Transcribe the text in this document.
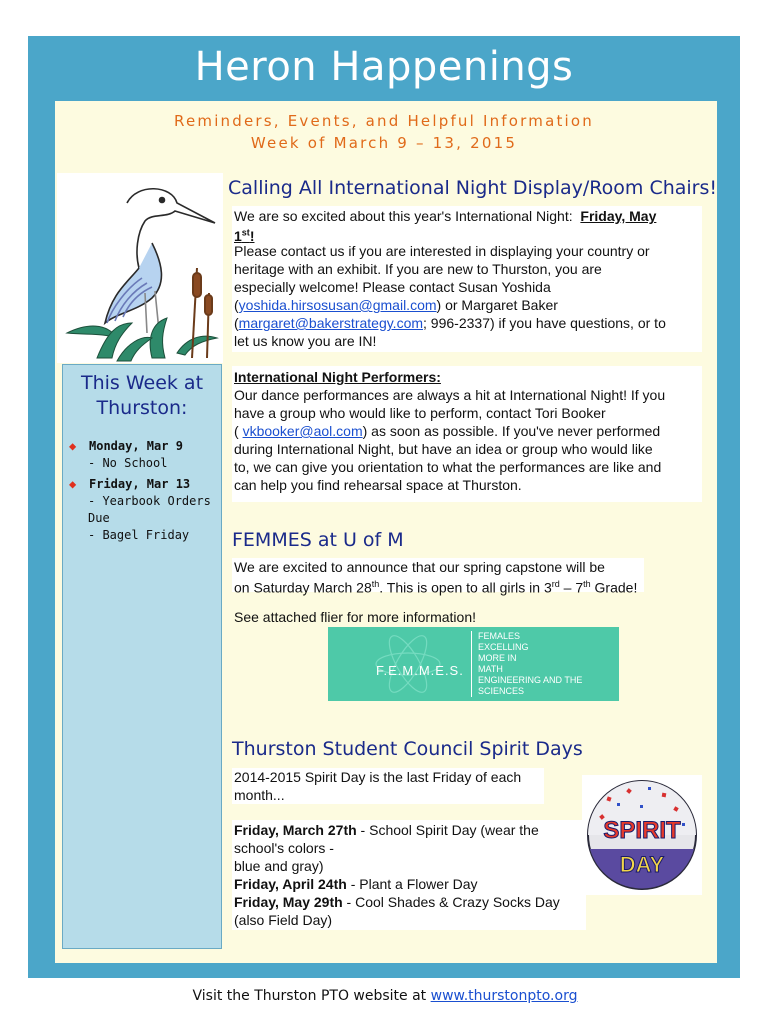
Heron Happenings
Reminders, Events, and Helpful Information
Week of March 9 – 13, 2015
This Week at
Thurston:
◆ Monday, Mar 9
- No School
◆ Friday, Mar 13
- Yearbook Orders
Due
- Bagel Friday
Calling All International Night Display/Room Chairs!
We are so excited about this year's International Night: Friday, May
1st!
Please contact us if you are interested in displaying your country or
heritage with an exhibit. If you are new to Thurston, you are
especially welcome! Please contact Susan Yoshida
(yoshida.hirsosusan@gmail.com) or Margaret Baker
(margaret@bakerstrategy.com; 996-2337) if you have questions, or to
let us know you are IN!
International Night Performers:
Our dance performances are always a hit at International Night! If you
have a group who would like to perform, contact Tori Booker
( vkbooker@aol.com) as soon as possible. If you've never performed
during International Night, but have an idea or group who would like
to, we can give you orientation to what the performances are like and
can help you find rehearsal space at Thurston.
FEMMES at U of M
We are excited to announce that our spring capstone will be
on Saturday March 28th. This is open to all girls in 3rd – 7th Grade!
See attached flier for more information!
F.E.M.M.E.S.
FEMALES
EXCELLING
MORE IN
MATH
ENGINEERING AND THE
SCIENCES
Thurston Student Council Spirit Days
2014-2015 Spirit Day is the last Friday of each
month...
Friday, March 27th - School Spirit Day (wear the
school's colors -
blue and gray)
Friday, April 24th - Plant a Flower Day
Friday, May 29th - Cool Shades & Crazy Socks Day
(also Field Day)
SPIRIT
DAY
Visit the Thurston PTO website at www.thurstonpto.org
